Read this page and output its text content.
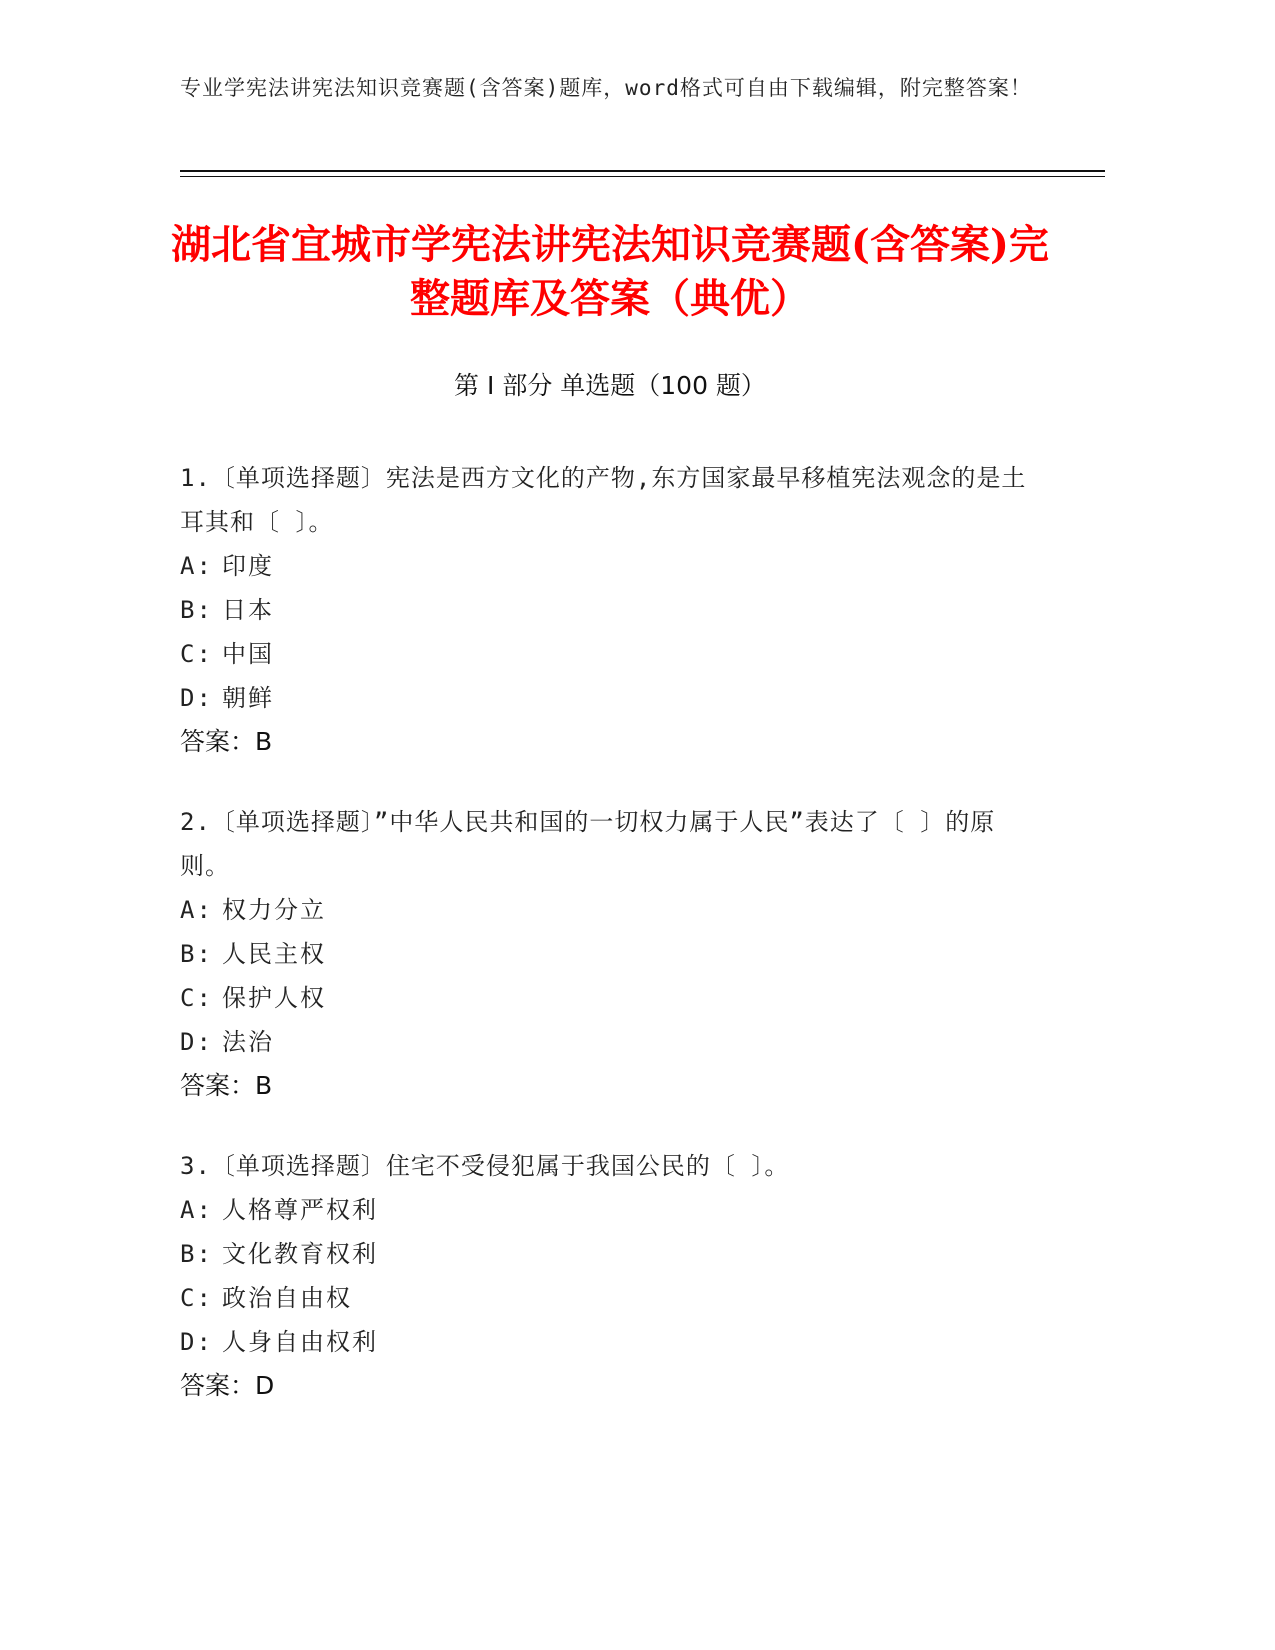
专业学宪法讲宪法知识竞赛题(含答案)题库，word格式可自由下载编辑，附完整答案！
湖北省宜城市学宪法讲宪法知识竞赛题(含答案)完整题库及答案（典优）
第 I 部分 单选题（100 题）

1.〔单项选择题〕宪法是西方文化的产物,东方国家最早移植宪法观念的是土耳其和〔 〕。

A: 印度

B: 日本

C: 中国

D: 朝鲜

答案：B

2.〔单项选择题〕”中华人民共和国的一切权力属于人民”表达了〔 〕的原则。

A: 权力分立

B: 人民主权

C: 保护人权

D: 法治

答案：B

3.〔单项选择题〕住宅不受侵犯属于我国公民的〔 〕。

A: 人格尊严权利

B: 文化教育权利

C: 政治自由权

D: 人身自由权利

答案：D
